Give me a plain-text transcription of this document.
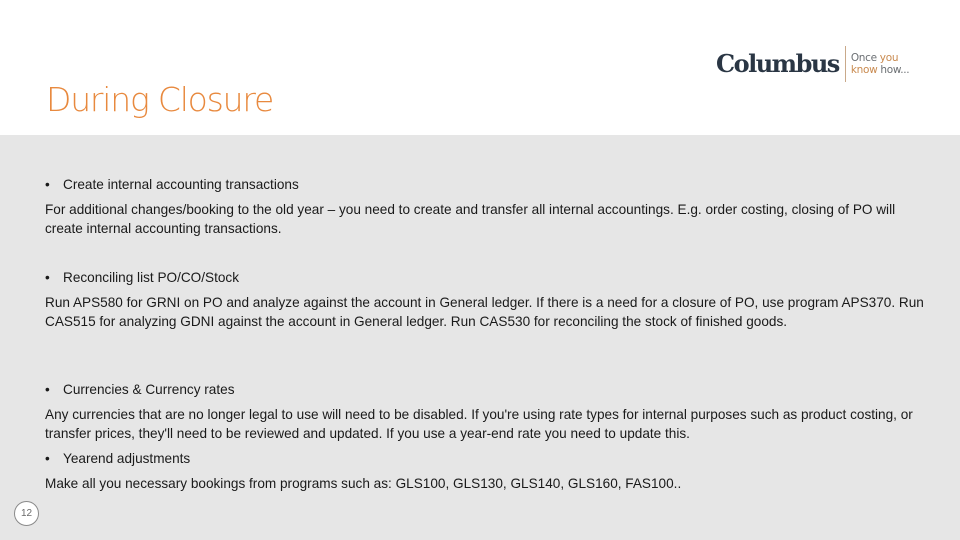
During Closure
Columbus Once you
know how...
• Create internal accounting transactions
For additional changes/booking to the old year – you need to create and transfer all internal accountings. E.g. order costing, closing of PO will create internal accounting transactions.
• Reconciling list PO/CO/Stock
Run APS580 for GRNI on PO and analyze against the account in General ledger. If there is a need for a closure of PO, use program APS370. Run CAS515 for analyzing GDNI against the account in General ledger. Run CAS530 for reconciling the stock of finished goods.
• Currencies & Currency rates
Any currencies that are no longer legal to use will need to be disabled. If you're using rate types for internal purposes such as product costing, or transfer prices, they'll need to be reviewed and updated. If you use a year-end rate you need to update this.
• Yearend adjustments
Make all you necessary bookings from programs such as: GLS100, GLS130, GLS140, GLS160, FAS100..
12
